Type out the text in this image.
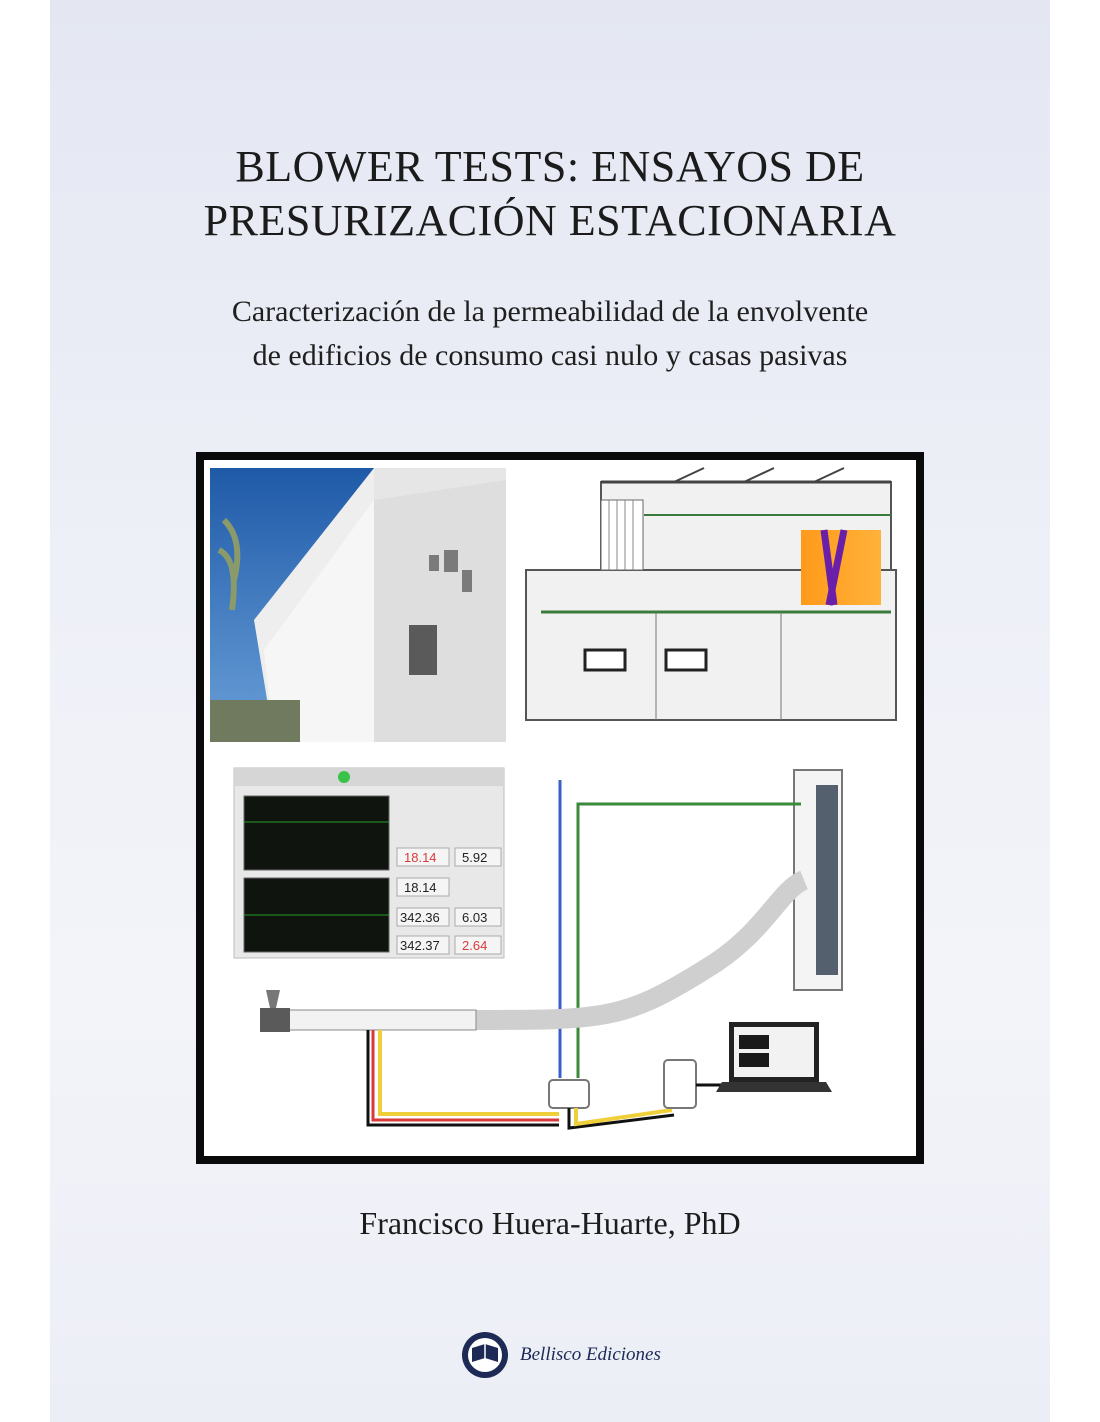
BLOWER TESTS: ENSAYOS DE
PRESURIZACIÓN ESTACIONARIA
Caracterización de la permeabilidad de la envolvente
de edificios de consumo casi nulo y casas pasivas
18.14 5.92
18.14
342.36 6.03
342.37 2.64
Francisco Huera-Huarte, PhD
Bellisco Ediciones
